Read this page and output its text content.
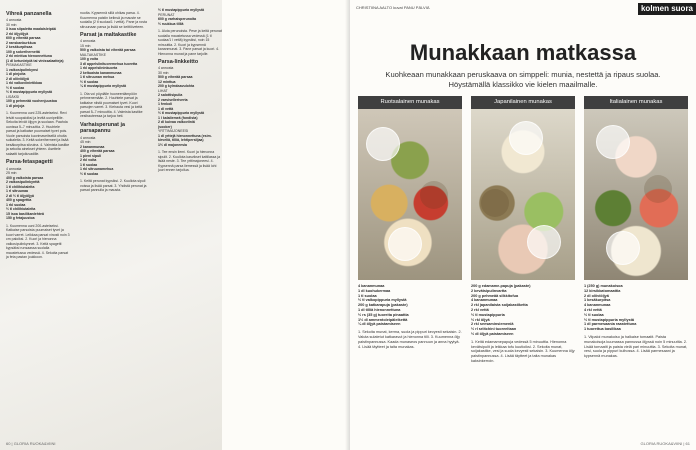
Vihreä panzanella
4 annosta
30 min
3 isoa siipaletta maalaisleipää
2 rkl öljyöljyä
600 g vihreää parsaa
2 ranskankurkkua
2 kesäkurpitsaa
100 g sokeriherneitä
2 rkl minttua hienonnettuna
(1 dl ketunleipiä tai vinissalaatteja)
PISMAKASTIKE
1 valkosipulinkynsi
1 dl pinjoita
2 dl oliiviöljyä
1 rkl valkoviinietikkaa
½ tl suolaa
½ tl mustapippuria myllystä
LISÄKSI
100 g pehmeää vuohenjuustoa
1 dl pinjoja
1. Kuumenna uuni 225-asteiseksi. Revi leivät suupaloiksi ja levitä uunipellille. Sekoita leivät öljyyn ja suolaan. Paahda uunissa 5–7 minuuttia. 2. Huuhtele parsat ja katkaise puumaiset tyvet pois. Vuole parsoista kuorimaveitsellä ohuita suikaleita. 3. Keitä sokeriherneet ja lisää kesäkurpitsa siivuina. 4. Valmista kastike ja sekoita ainekset yhteen. Asettele salaatti tarjoiluvadille.
Parsa-fetaspagetti
4 annosta
25 min
400 g valkoista parsaa
2 valkosipulinkynttä
1 tl chilihiutaleita
1 rl sitruunaa
2 dl ½ tl öljyöljyä
400 g spagettia
1 rkl suolaa
½ tl chilihiutaleita
15 isoa basilikanlehteä
150 g fetajuustoa
1. Kuumenna uuni 200-asteiseksi. Katkaise parsoista puumaiset tyvet ja kuori varret. Leikkaa parsat vinosti noin 3 cm paloiksi. 2. Kuori ja hienonna valkosipulinkynnet. 3. Keitä spagetti kypsäksi runsaassa suolalla maustetussa vedessä. 4. Sekoita parsat ja feta pastan joukkoon.
nuolta. Kypsennä sillä ohikas parsa. 4. Kuumenna paistin kelinsä ja mauste se suolalla (2 tl suolaa/1 l vettä). Pane ja rosta sitruunaan parsa ja lisää se keittiöveteen.
Parsat ja maltakastike
4 annosta
15 min
500 g valkoista tai vihreää parsaa
MALTAKASTIKE
100 g voita
3 dl appelsiinituoremehua tuoretta
1 rkl appelsiininkuorta
2 keltuaista kananmunaa
1 tl sitruunan mehua
½ tl suolaa
¼ tl mustapippuria myllystä
1. Ota voi pöydälle huoneenlämpöön pehmenemään. 2. Huuhtele parsat ja katkaise niistä puumaiset tyvet. Kuori parsojen varret. 3. Kiehauta vesi ja keitä parsat 5–7 minuuttia. 4. Valmista kastike vesihauteessa ja tarjoa heti.
Varhaisperunat ja parsapannu
4 annosta
45 min
2 kananmunaa
400 g vihreää parsaa
1 pieni sipuli
2 rkl voita
1 tl suolaa
1 rkl sitruunamehua
½ tl suolaa
1. Keitä perunat kypsiksi. 2. Kuullota sipuli voissa ja lisää parsat. 3. Yhdistä perunat ja parsat pannulla ja mausta.
½ tl mustapippuria myllystä
PERUNAT
600 g varhaisperunoita
½ ruukkua tilliä
1. Aluta perunoista. Pese ja keitä perunat suolalla maustetussa vedessä (1 tl suolaa/1 l vettä) kypsiksi, noin 15 minuuttia. 2. Kuori ja kypsennä kananmunat. 3. Pane parsat ja kuori. 4. Hienonna munat ja pane tarjolle.
Parsa-linkkeitto
4 annosta
30 min
500 g vihreää parsaa
12 minttua
200 g kylmäsavulohta
LIHAT
2 salottisipulia
2 varsiselleriverta
1 fenkoli
1 dl vettä
½ tl mustapippuria myllystä
1 l kalaliemeä (fondista)
2 dl kuivaa valkoviiniä
(sooker)
YRTTIMAJONEESI
1 dl yrttejä hienonnettuna (esim. kirveliä, tilliä, lehtipersiljaa)
1½ dl majoneesia
1. Tee ensin liemi. Kuori ja hienonna sipulit. 2. Kuullota kasvikset kattilassa ja lisää neste. 3. Tee yrttimajoneesi. 4. Kypsennä parsa liemessä ja lisää lohi juuri ennen tarjoilua.
60 | GLORIA RUOKA&VIINI
CHRISTIINA AALTO kuvat PANU PÄLVIÄ	kolmen suora
Munakkaan matkassa
Kuohkeaan munakkaan peruskaava on simppeli: munia, nestettä ja ripaus suolaa. Höystämällä klassikko vie kielen maailmalle.
Ruotsalainen munakas	Japanilainen munakas	Italialainen munakas
4 kananmunaa
1 dl kuohukermaa
1 tl suolaa
½ tl valkopippuria myllystä
200 g katkarapuja (pakaste)
1 dl tilliä hienonnettuna
½ rs (35 g) tuoreita pinaattia
1½ dl ammentoleipäleikettä
¼ dl öljyä paistamiseen
1. Sekoita munat, kerma, suola ja pippuri kevyesti sekaisin. 2. Valuta sulatetut katkaravut ja hienonna tilli. 3. Kuumenna öljy paistinpannussa. Kaada munaseos pannuun ja anna hyytyä. 4. Lisää täytteet ja taita munakas.
200 g edamame-papuja (pakaste)
2 kevätsipulinvartta
200 g pehmeää silkkitofua
4 kananmunaa
2 rkl japanilaista soijakastiketta
2 rkl vettä
½ tl mustapippuria
½ rkl öljyä
2 rkl seesaminsiemeniä
½ rl sriitchini tuoreeltaan
½ dl öljyä paistamiseen
1. Keitä edamamepapuja vedessä 5 minuuttia. Hienonna kevätsipulit ja leikkaa tofu kuutioiksi. 2. Sekoita munat, soijakastike, vesi ja suola kevyesti sekaisin. 3. Kuumenna öljy paistinpannussa. 4. Lisää täytteet ja taita munakas kaksinkerroin.
1 (250 g) munakoisoa
12 kirsikkatomaattia
2 dl oliiviöljyä
1 kesäkurpitsa
4 kananmunaa
4 rkl vettä
½ tl suolaa
½ tl mustapippuria myllystä
1 dl parmesaania raastettuna
1 tuorettua basilikaa
1. Viipaloi munakoiso ja halkaise tomaatit. Paista munakoisoja kuumassa pannussa öljyssä noin 5 minuuttia. 2. Lisää tomaatit ja paista vielä pari minuuttia. 3. Sekoita munat, vesi, suola ja pippuri kulhossa. 4. Lisää parmesaani ja kypsennä munakas.
GLORIA RUOKA&VIINI | 61
